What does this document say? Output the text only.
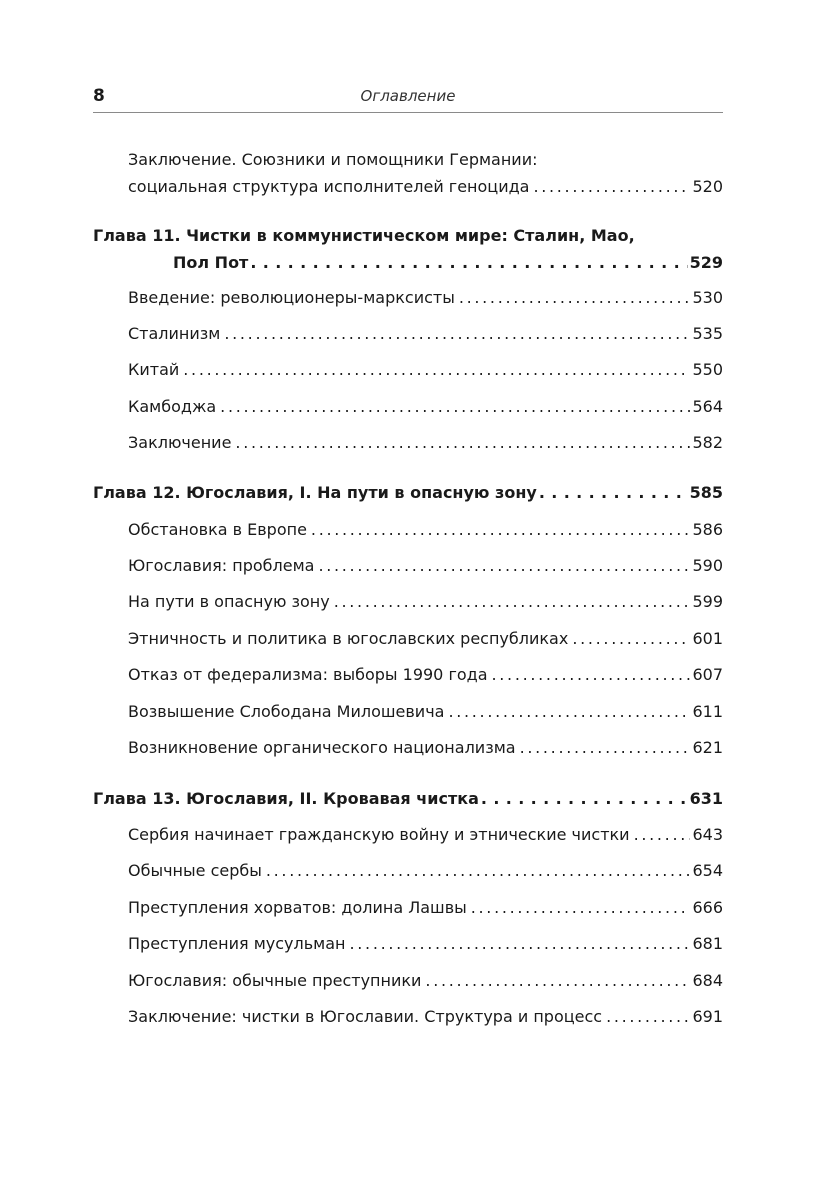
8	Оглавление
Заключение. Союзники и помощники Германии:
социальная структура исполнителей геноцида . . .	520
Глава 11. Чистки в коммунистическом мире: Сталин, Мао,
Пол Пот . . .	529
Введение: революционеры-марксисты . . .	530
Сталинизм . . .	535
Китай . . .	550
Камбоджа . . .	564
Заключение . . .	582
Глава 12. Югославия, I. На пути в опасную зону . . .	585
Обстановка в Европе . . .	586
Югославия: проблема . . .	590
На пути в опасную зону . . .	599
Этничность и политика в югославских республиках . . .	601
Отказ от федерализма: выборы 1990 года . . .	607
Возвышение Слободана Милошевича . . .	611
Возникновение органического национализма . . .	621
Глава 13. Югославия, II. Кровавая чистка . . .	631
Сербия начинает гражданскую войну и этнические чистки . . .	643
Обычные сербы . . .	654
Преступления хорватов: долина Лашвы . . .	666
Преступления мусульман . . .	681
Югославия: обычные преступники . . .	684
Заключение: чистки в Югославии. Структура и процесс . . .	691
